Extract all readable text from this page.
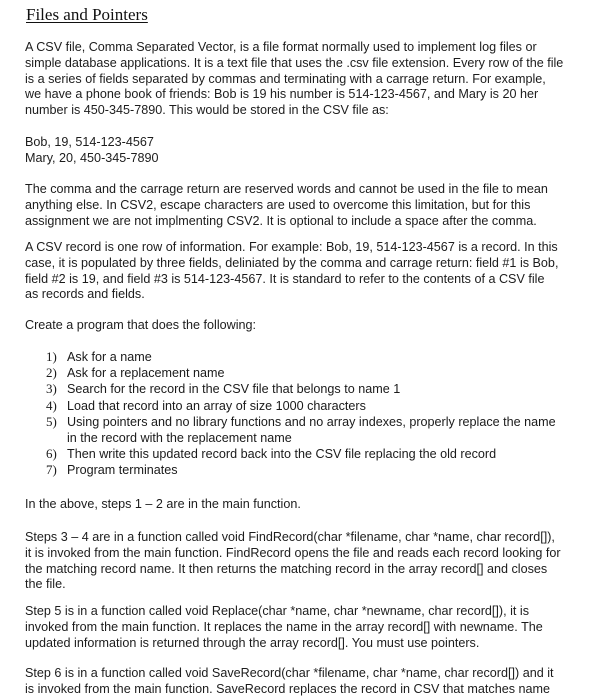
Files and Pointers
A CSV file, Comma Separated Vector, is a file format normally used to implement log files or
simple database applications. It is a text file that uses the .csv file extension. Every row of the file
is a series of fields separated by commas and terminating with a carrage return. For example,
we have a phone book of friends: Bob is 19 his number is 514-123-4567, and Mary is 20 her
number is 450-345-7890. This would be stored in the CSV file as:
Bob, 19, 514-123-4567
Mary, 20, 450-345-7890
The comma and the carrage return are reserved words and cannot be used in the file to mean
anything else. In CSV2, escape characters are used to overcome this limitation, but for this
assignment we are not implmenting CSV2. It is optional to include a space after the comma.
A CSV record is one row of information. For example: Bob, 19, 514-123-4567 is a record. In this
case, it is populated by three fields, deliniated by the comma and carrage return: field #1 is Bob,
field #2 is 19, and field #3 is 514-123-4567. It is standard to refer to the contents of a CSV file
as records and fields.
Create a program that does the following:
1) Ask for a name
2) Ask for a replacement name
3) Search for the record in the CSV file that belongs to name 1
4) Load that record into an array of size 1000 characters
5) Using pointers and no library functions and no array indexes, properly replace the name
in the record with the replacement name
6) Then write this updated record back into the CSV file replacing the old record
7) Program terminates
In the above, steps 1 – 2 are in the main function.
Steps 3 – 4 are in a function called void FindRecord(char *filename, char *name, char record[]),
it is invoked from the main function. FindRecord opens the file and reads each record looking for
the matching record name. It then returns the matching record in the array record[] and closes
the file.
Step 5 is in a function called void Replace(char *name, char *newname, char record[]), it is
invoked from the main function. It replaces the name in the array record[] with newname. The
updated information is returned through the array record[]. You must use pointers.
Step 6 is in a function called void SaveRecord(char *filename, char *name, char record[]) and it
is invoked from the main function. SaveRecord replaces the record in CSV that matches name
